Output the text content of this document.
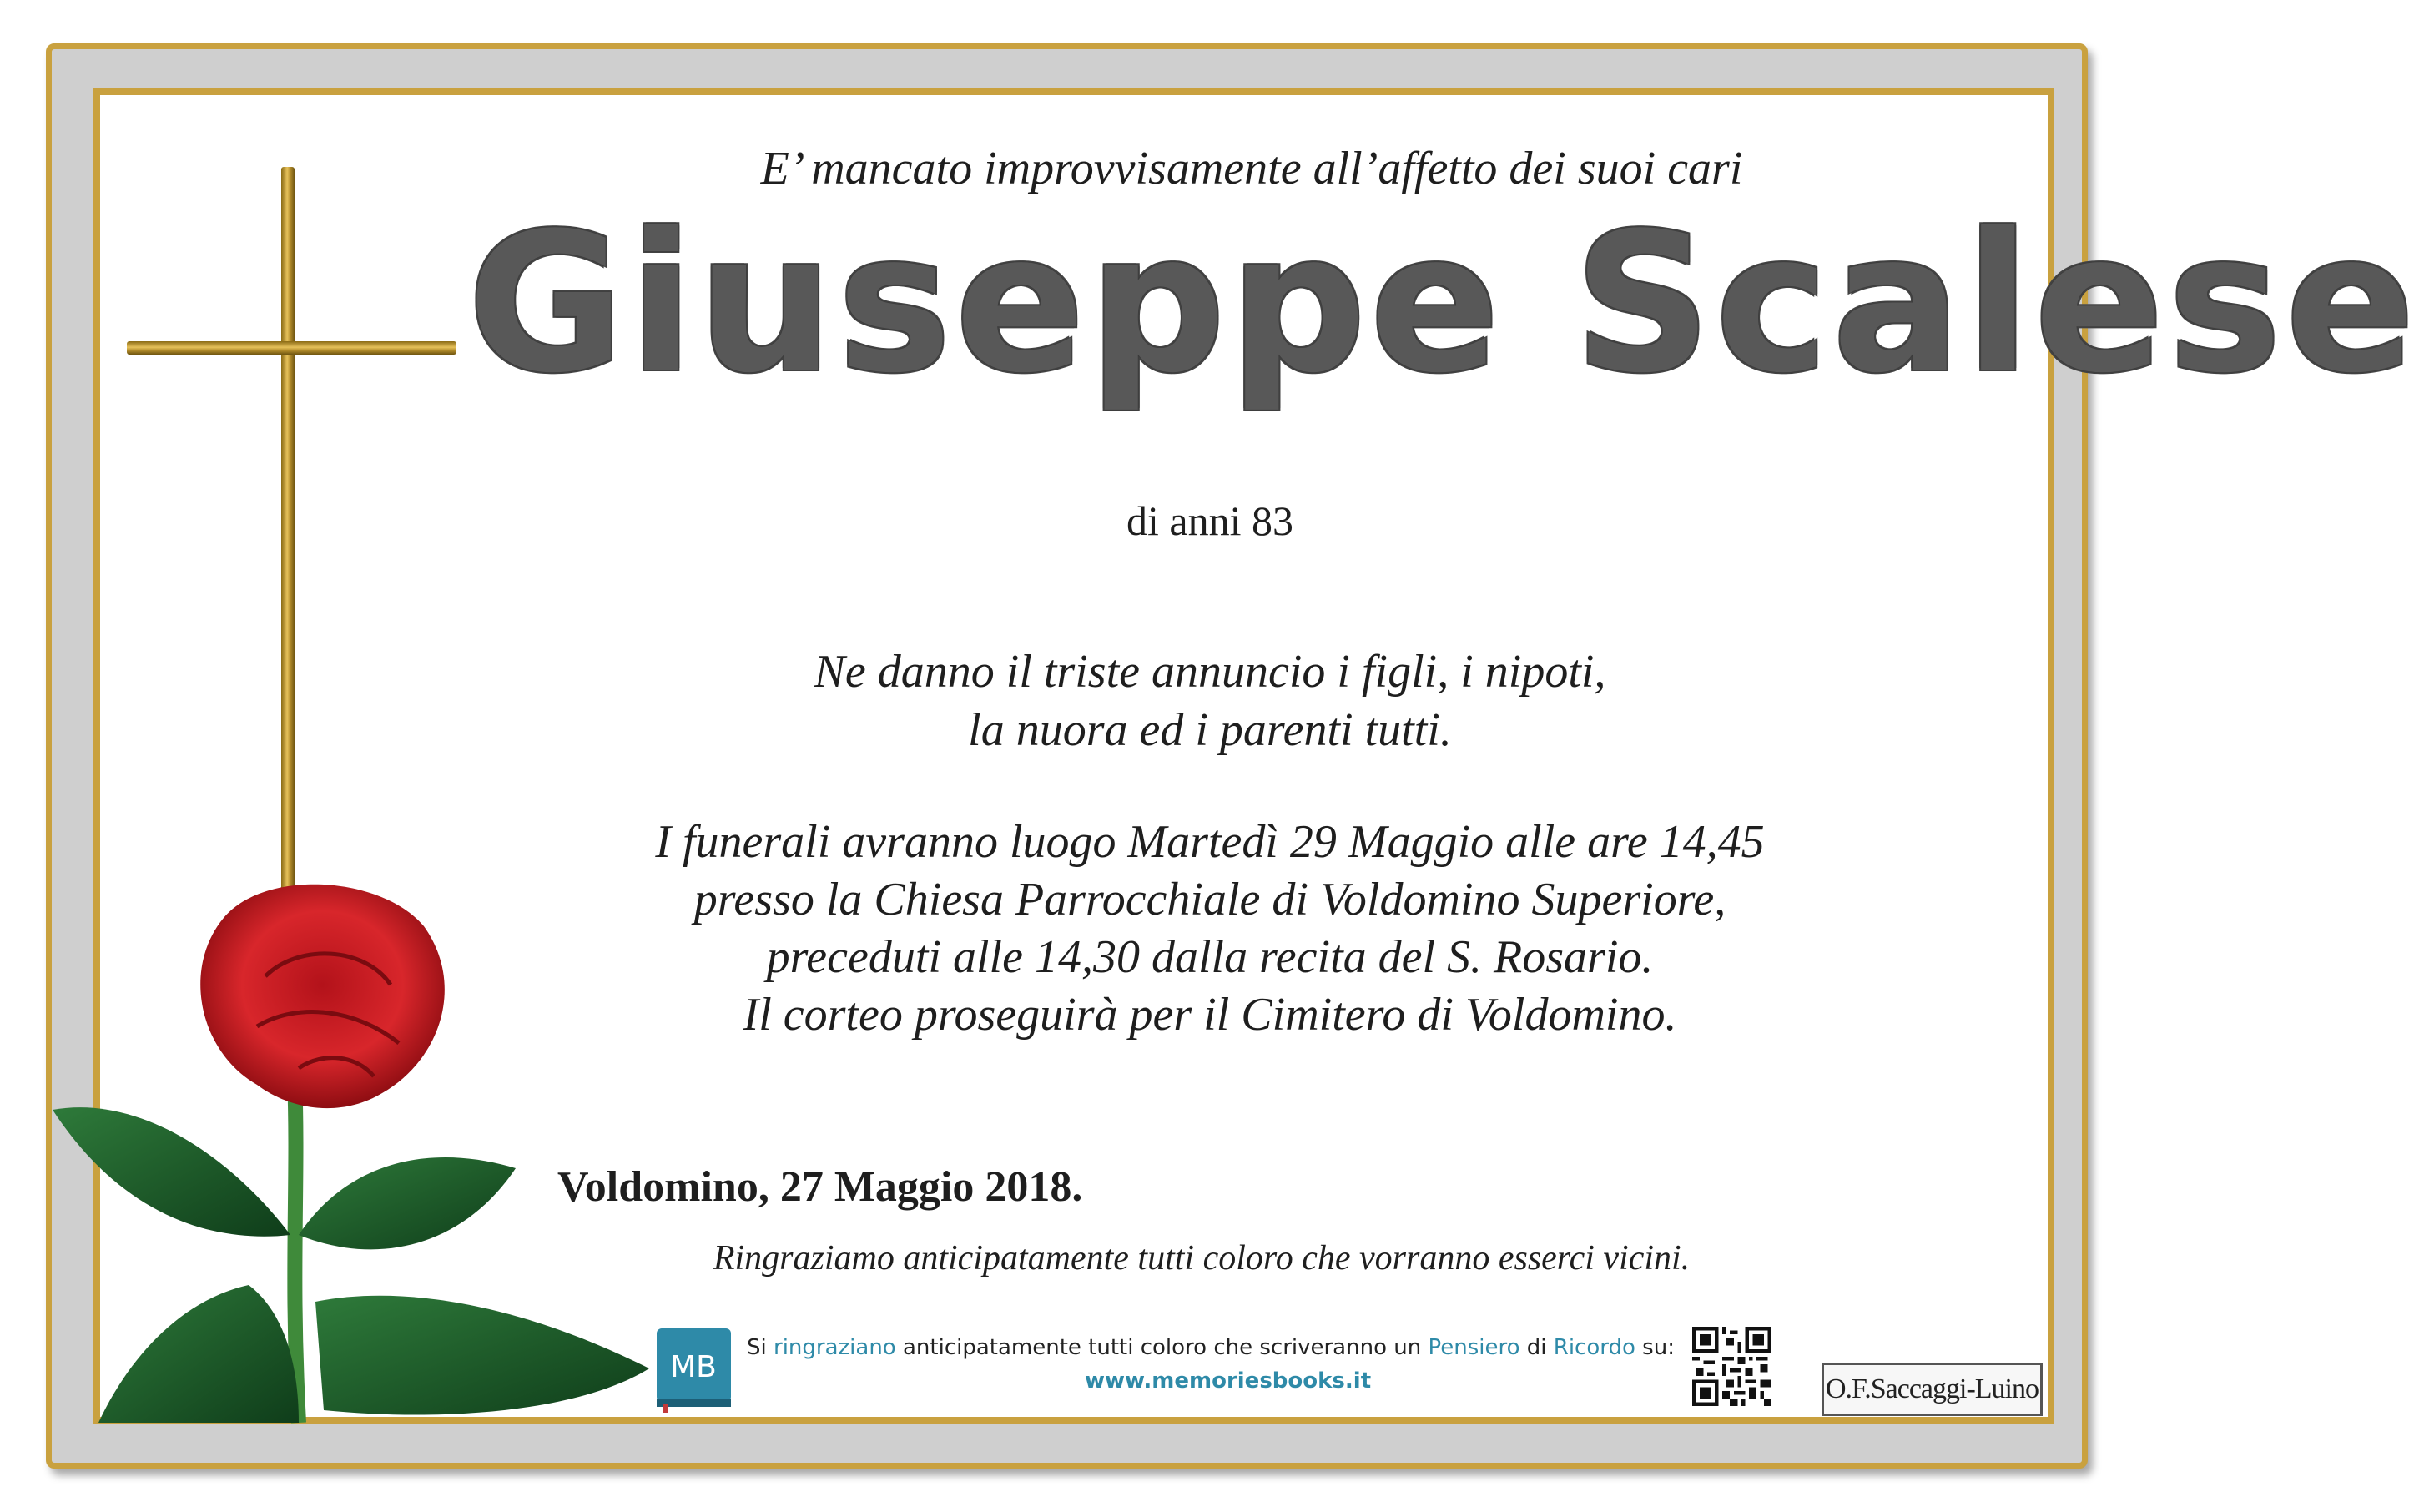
E’ mancato improvvisamente all’affetto dei suoi cari
Giuseppe Scalese
di anni 83
Ne danno il triste annuncio i figli, i nipoti,
la nuora ed i parenti tutti.
I funerali avranno luogo Martedì 29 Maggio alle are 14,45
presso la Chiesa Parrocchiale di Voldomino Superiore,
preceduti alle 14,30 dalla recita del S. Rosario.
Il corteo proseguirà per il Cimitero di Voldomino.
Voldomino, 27 Maggio 2018.
Ringraziamo anticipatamente tutti coloro che vorranno esserci vicini.
MB
Si ringraziano anticipatamente tutti coloro che scriveranno un Pensiero di Ricordo su:
www.memoriesbooks.it	O.F.Saccaggi-Luino
